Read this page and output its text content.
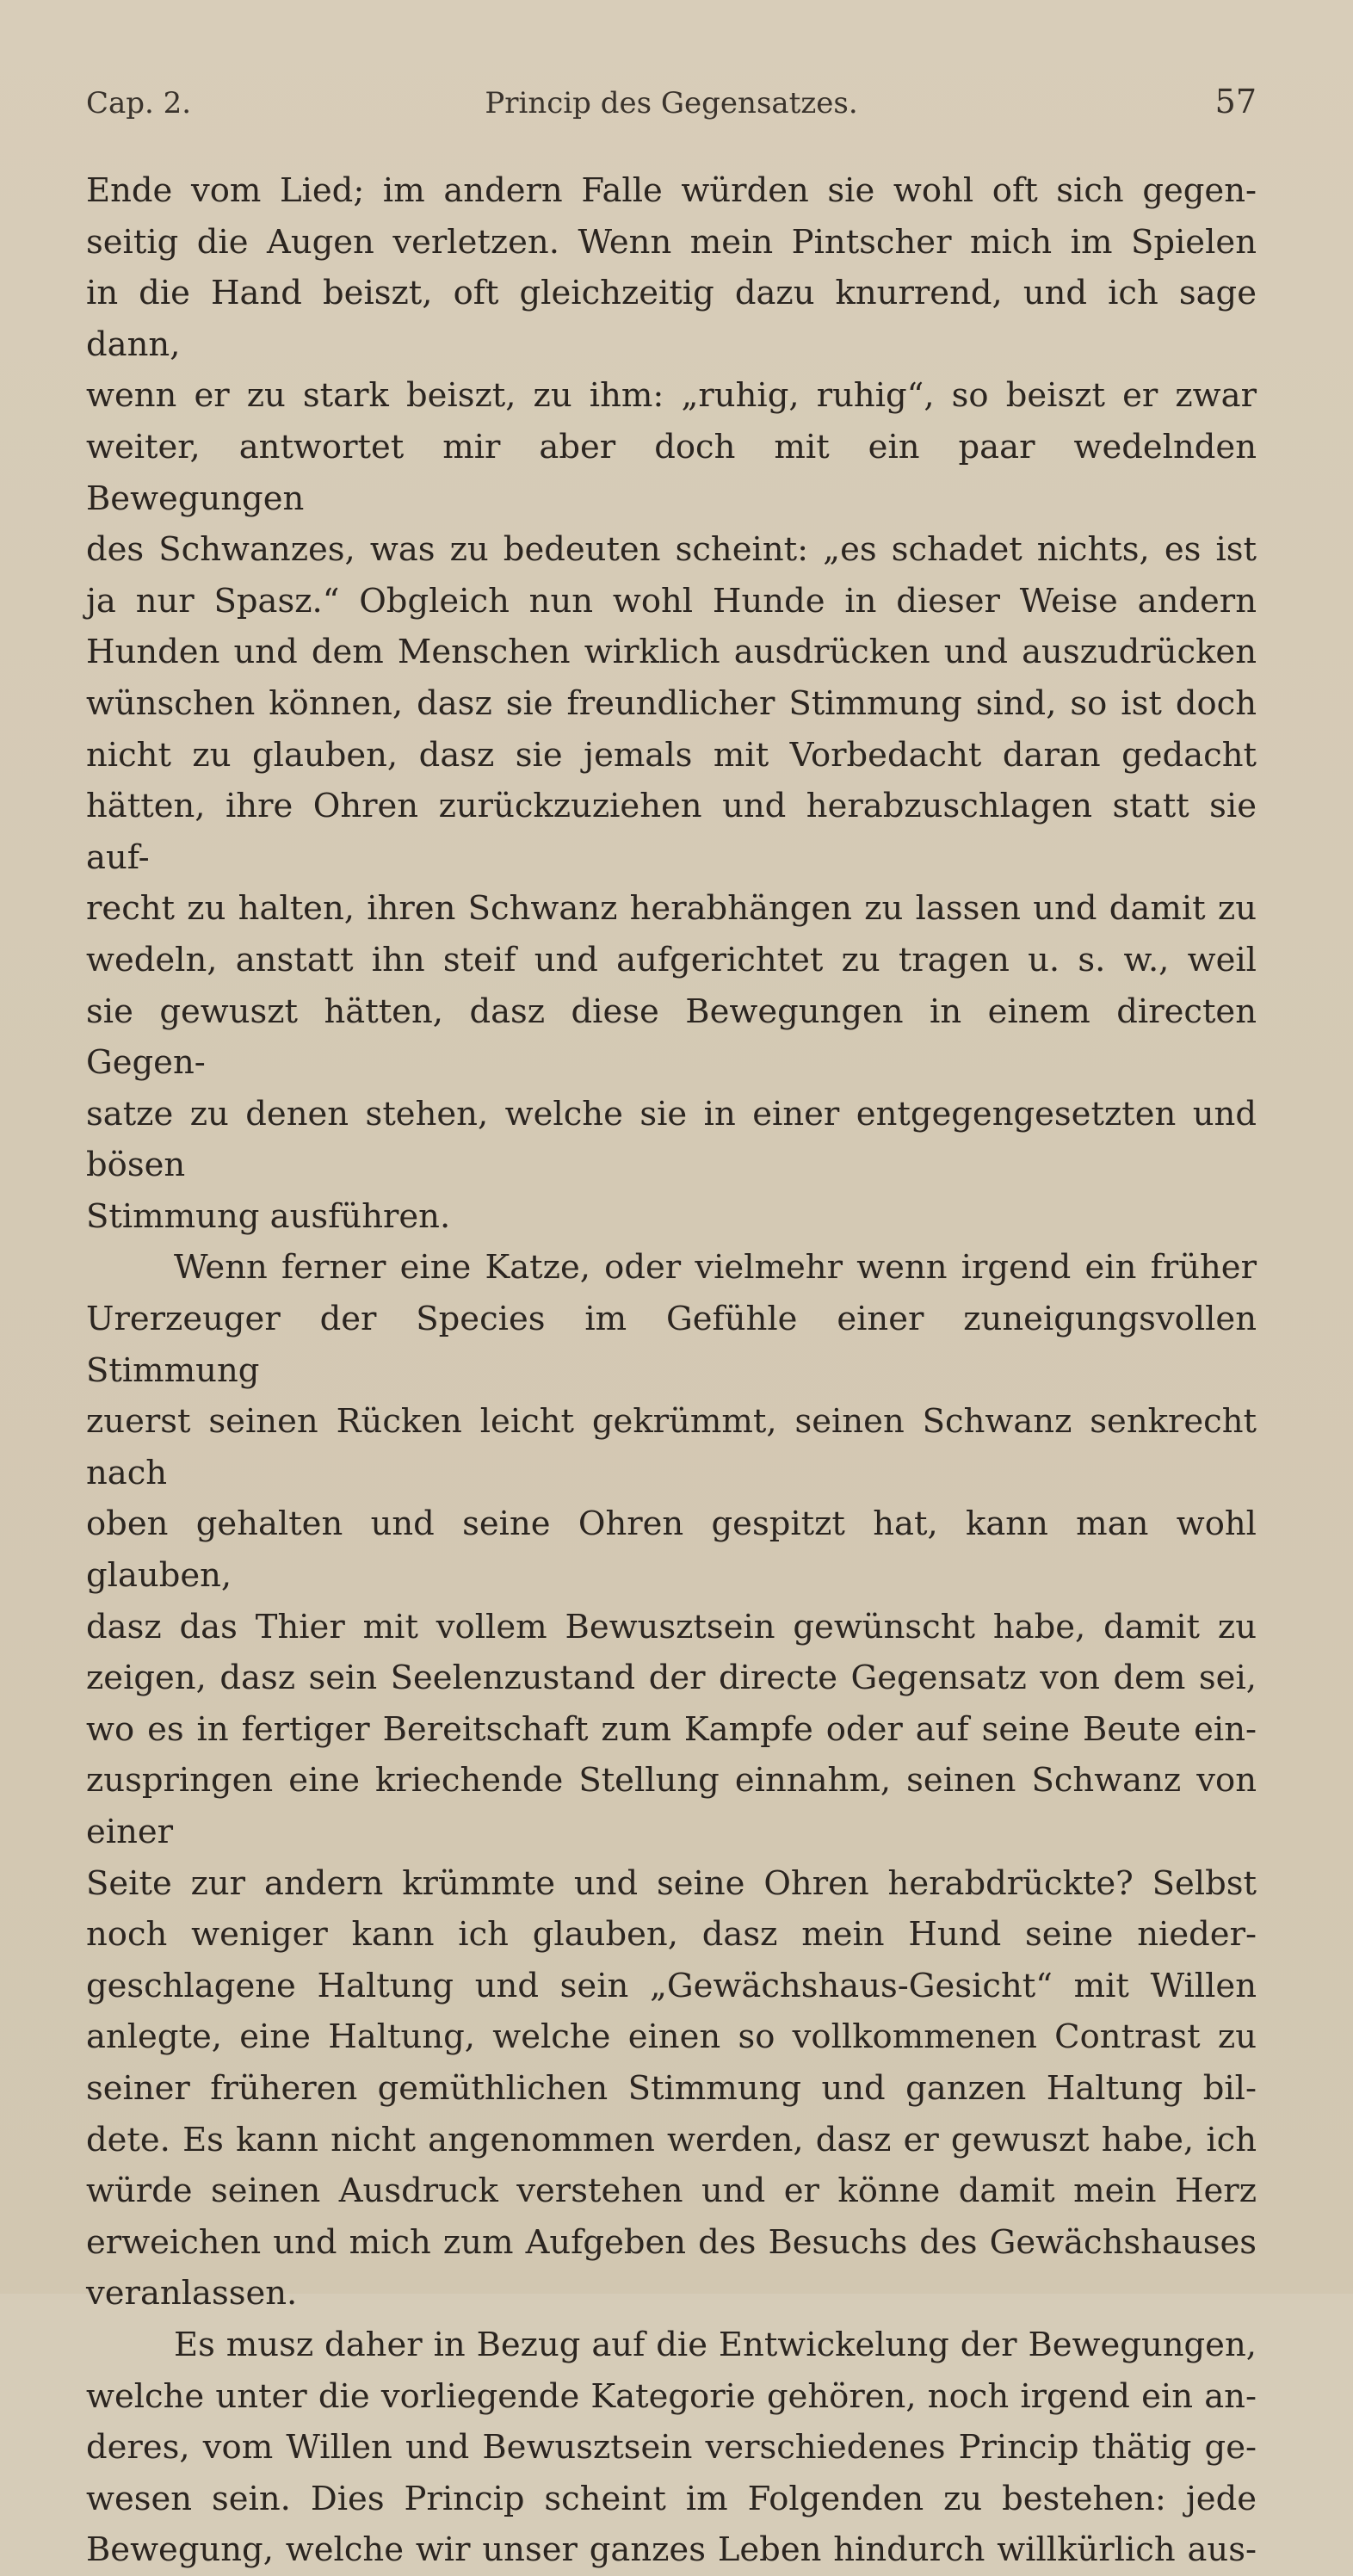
Cap. 2.	Princip des Gegensatzes.	57

Ende vom Lied; im andern Falle würden sie wohl oft sich gegen-

seitig die Augen verletzen. Wenn mein Pintscher mich im Spielen

in die Hand beiszt, oft gleichzeitig dazu knurrend, und ich sage dann,

wenn er zu stark beiszt, zu ihm: „ruhig, ruhig“, so beiszt er zwar

weiter, antwortet mir aber doch mit ein paar wedelnden Bewegungen

des Schwanzes, was zu bedeuten scheint: „es schadet nichts, es ist

ja nur Spasz.“ Obgleich nun wohl Hunde in dieser Weise andern

Hunden und dem Menschen wirklich ausdrücken und auszudrücken

wünschen können, dasz sie freundlicher Stimmung sind, so ist doch

nicht zu glauben, dasz sie jemals mit Vorbedacht daran gedacht

hätten, ihre Ohren zurückzuziehen und herabzuschlagen statt sie auf-

recht zu halten, ihren Schwanz herabhängen zu lassen und damit zu

wedeln, anstatt ihn steif und aufgerichtet zu tragen u. s. w., weil

sie gewuszt hätten, dasz diese Bewegungen in einem directen Gegen-

satze zu denen stehen, welche sie in einer entgegengesetzten und bösen

Stimmung ausführen.

Wenn ferner eine Katze, oder vielmehr wenn irgend ein früher

Urerzeuger der Species im Gefühle einer zuneigungsvollen Stimmung

zuerst seinen Rücken leicht gekrümmt, seinen Schwanz senkrecht nach

oben gehalten und seine Ohren gespitzt hat, kann man wohl glauben,

dasz das Thier mit vollem Bewusztsein gewünscht habe, damit zu

zeigen, dasz sein Seelenzustand der directe Gegensatz von dem sei,

wo es in fertiger Bereitschaft zum Kampfe oder auf seine Beute ein-

zuspringen eine kriechende Stellung einnahm, seinen Schwanz von einer

Seite zur andern krümmte und seine Ohren herabdrückte? Selbst

noch weniger kann ich glauben, dasz mein Hund seine nieder-

geschlagene Haltung und sein „Gewächshaus-Gesicht“ mit Willen

anlegte, eine Haltung, welche einen so vollkommenen Contrast zu

seiner früheren gemüthlichen Stimmung und ganzen Haltung bil-

dete. Es kann nicht angenommen werden, dasz er gewuszt habe, ich

würde seinen Ausdruck verstehen und er könne damit mein Herz

erweichen und mich zum Aufgeben des Besuchs des Gewächshauses

veranlassen.

Es musz daher in Bezug auf die Entwickelung der Bewegungen,

welche unter die vorliegende Kategorie gehören, noch irgend ein an-

deres, vom Willen und Bewusztsein verschiedenes Princip thätig ge-

wesen sein. Dies Princip scheint im Folgenden zu bestehen: jede

Bewegung, welche wir unser ganzes Leben hindurch willkürlich aus-
